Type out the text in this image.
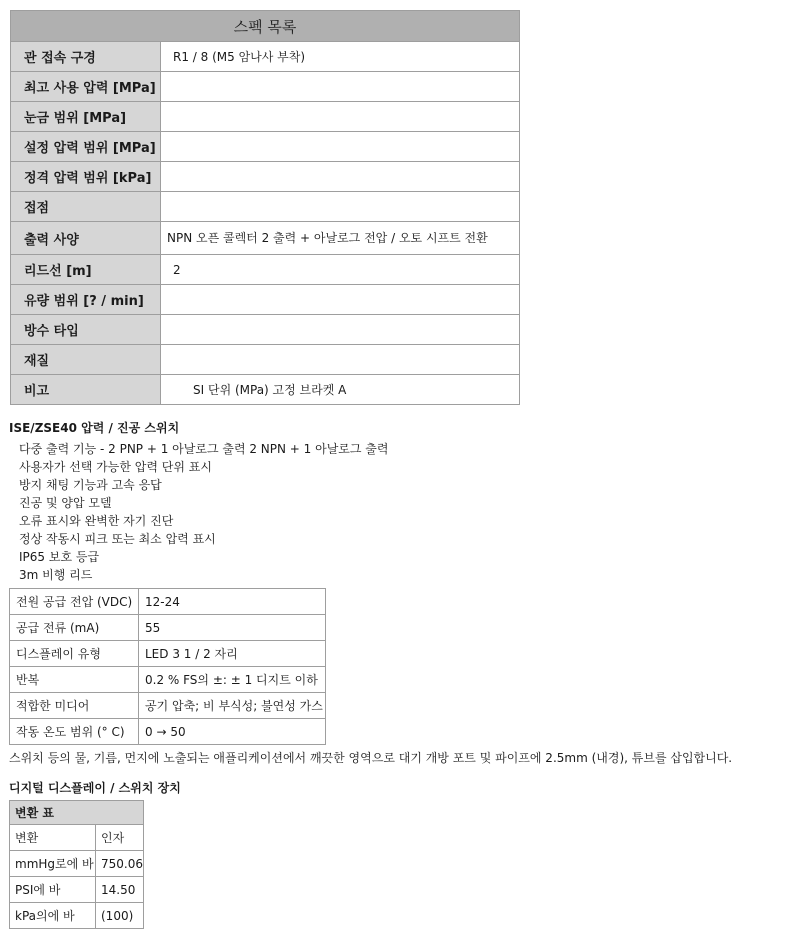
스펙 목록	
관 접속 구경	R1 / 8 (M5 암나사 부착)
최고 사용 압력 [MPa]	
눈금 범위 [MPa]	
설정 압력 범위 [MPa]	
정격 압력 범위 [kPa]	
접점	
출력 사양	NPN 오픈 콜렉터 2 출력 + 아날로그 전압 / 오토 시프트 전환
리드선 [m]	2
유량 범위 [? / min]	
방수 타입	
재질	
비고	SI 단위 (MPa) 고정 브라켓 A
ISE/ZSE40 압력 / 진공 스위치
다중 출력 기능 - 2 PNP + 1 아날로그 출력 2 NPN + 1 아날로그 출력
사용자가 선택 가능한 압력 단위 표시
방지 채팅 기능과 고속 응답
진공 및 양압 모델
오류 표시와 완벽한 자기 진단
정상 작동시 피크 또는 최소 압력 표시
IP65 보호 등급
3m 비행 리드
전원 공급 전압 (VDC)	12-24
공급 전류 (mA)	55
디스플레이 유형	LED 3 1 / 2 자리
반복	0.2 % FS의 ±: ± 1 디지트 이하
적합한 미디어	공기 압축; 비 부식성; 불연성 가스
작동 온도 범위 (° C)	0 → 50
스위치 등의 물, 기름, 먼지에 노출되는 애플리케이션에서 깨끗한 영역으로 대기 개방 포트 및 파이프에 2.5mm (내경), 튜브를 삽입합니다.
디지털 디스플레이 / 스위치 장치
변환 표	
변환	인자
mmHg로에 바	750.06
PSI에 바	14.50
kPa의에 바	(100)
